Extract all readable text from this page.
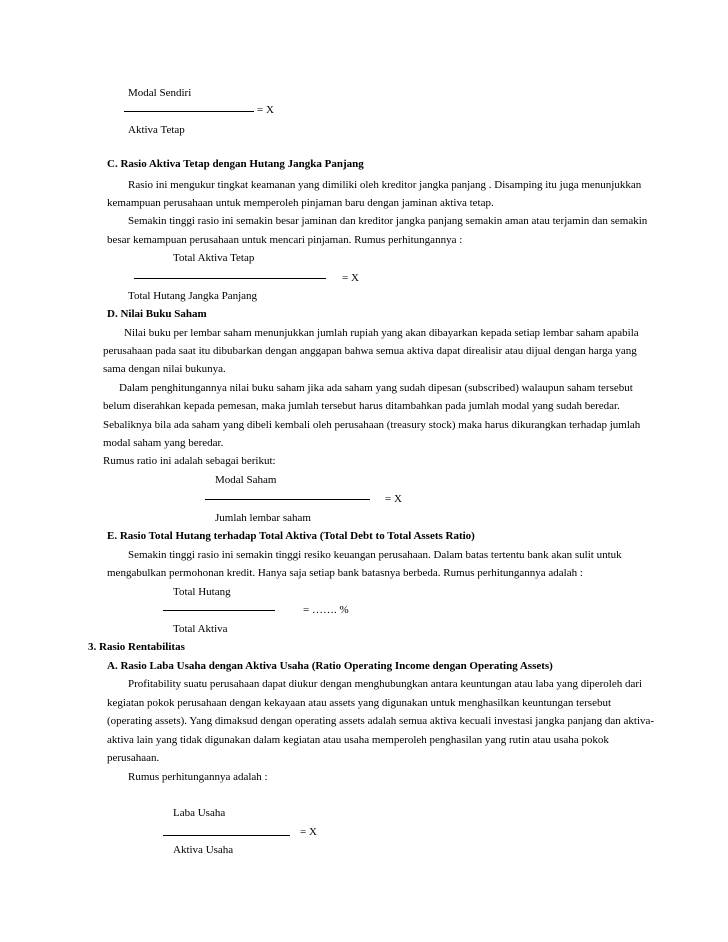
Modal Sendiri
= X
Aktiva Tetap
C. Rasio Aktiva Tetap dengan Hutang Jangka Panjang
Rasio ini mengukur tingkat keamanan yang dimiliki oleh kreditor jangka panjang . Disamping itu juga menunjukkan
kemampuan perusahaan untuk memperoleh pinjaman baru dengan jaminan aktiva tetap.
Semakin tinggi rasio ini semakin besar jaminan dan kreditor jangka panjang semakin aman atau terjamin dan semakin
besar kemampuan perusahaan untuk mencari pinjaman. Rumus perhitungannya :
Total Aktiva Tetap
= X
Total Hutang Jangka Panjang
D. Nilai Buku Saham
Nilai buku per lembar saham menunjukkan jumlah rupiah yang akan dibayarkan kepada setiap lembar saham apabila
perusahaan pada saat itu dibubarkan dengan anggapan bahwa semua aktiva dapat direalisir atau dijual dengan harga yang
sama dengan nilai bukunya.
Dalam penghitungannya nilai buku saham jika ada saham yang sudah dipesan (subscribed) walaupun saham tersebut
belum diserahkan kepada pemesan, maka jumlah tersebut harus ditambahkan pada jumlah modal yang sudah beredar.
Sebaliknya bila ada saham yang dibeli kembali oleh perusahaan (treasury stock) maka harus dikurangkan terhadap jumlah
modal saham yang beredar.
Rumus ratio ini adalah sebagai berikut:
Modal Saham
= X
Jumlah lembar saham
E. Rasio Total Hutang terhadap Total Aktiva (Total Debt to Total Assets Ratio)
Semakin tinggi rasio ini semakin tinggi resiko keuangan perusahaan. Dalam batas tertentu bank akan sulit untuk
mengabulkan permohonan kredit. Hanya saja setiap bank batasnya berbeda. Rumus perhitungannya adalah :
Total Hutang
= ……. %
Total Aktiva
3. Rasio Rentabilitas
A. Rasio Laba Usaha dengan Aktiva Usaha (Ratio Operating Income dengan Operating Assets)
Profitability suatu perusahaan dapat diukur dengan menghubungkan antara keuntungan atau laba yang diperoleh dari
kegiatan pokok perusahaan dengan kekayaan atau assets yang digunakan untuk menghasilkan keuntungan tersebut
(operating assets). Yang dimaksud dengan operating assets adalah semua aktiva kecuali investasi jangka panjang dan aktiva-
aktiva lain yang tidak digunakan dalam kegiatan atau usaha memperoleh penghasilan yang rutin atau usaha pokok
perusahaan.
Rumus perhitungannya adalah :
Laba Usaha
= X
Aktiva Usaha
